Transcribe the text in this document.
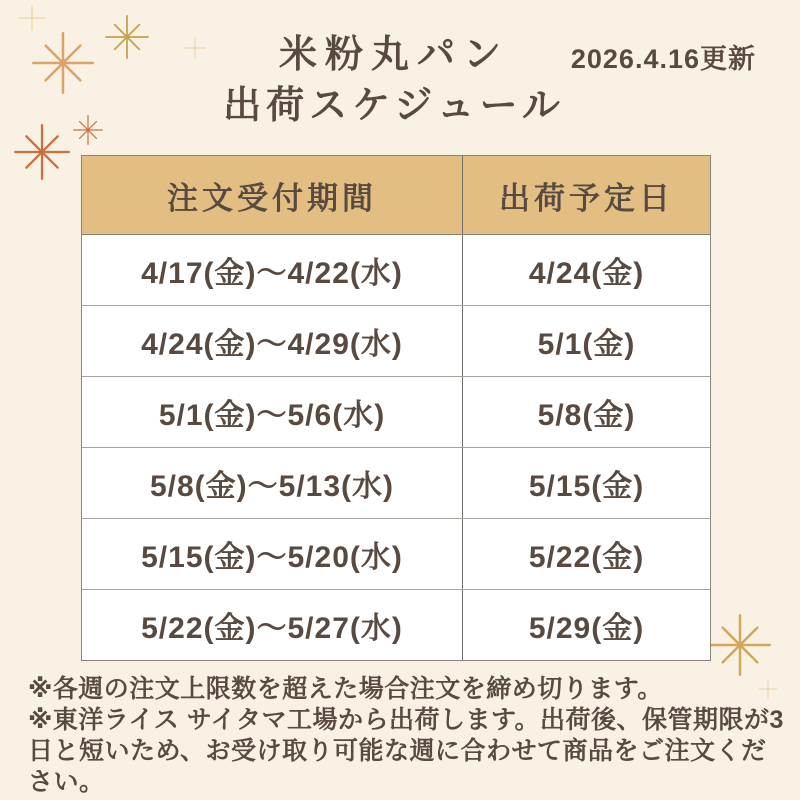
米粉丸パン
出荷スケジュール
2026.4.16更新
注文受付期間	出荷予定日
4/17(金)～4/22(水)	4/24(金)
4/24(金)～4/29(水)	5/1(金)
5/1(金)～5/6(水)	5/8(金)
5/8(金)～5/13(水)	5/15(金)
5/15(金)～5/20(水)	5/22(金)
5/22(金)～5/27(水)	5/29(金)

※各週の注文上限数を超えた場合注文を締め切ります。

※東洋ライス サイタマ工場から出荷します。出荷後、保管期限が3日と短いため、お受け取り可能な週に合わせて商品をご注文ください。
